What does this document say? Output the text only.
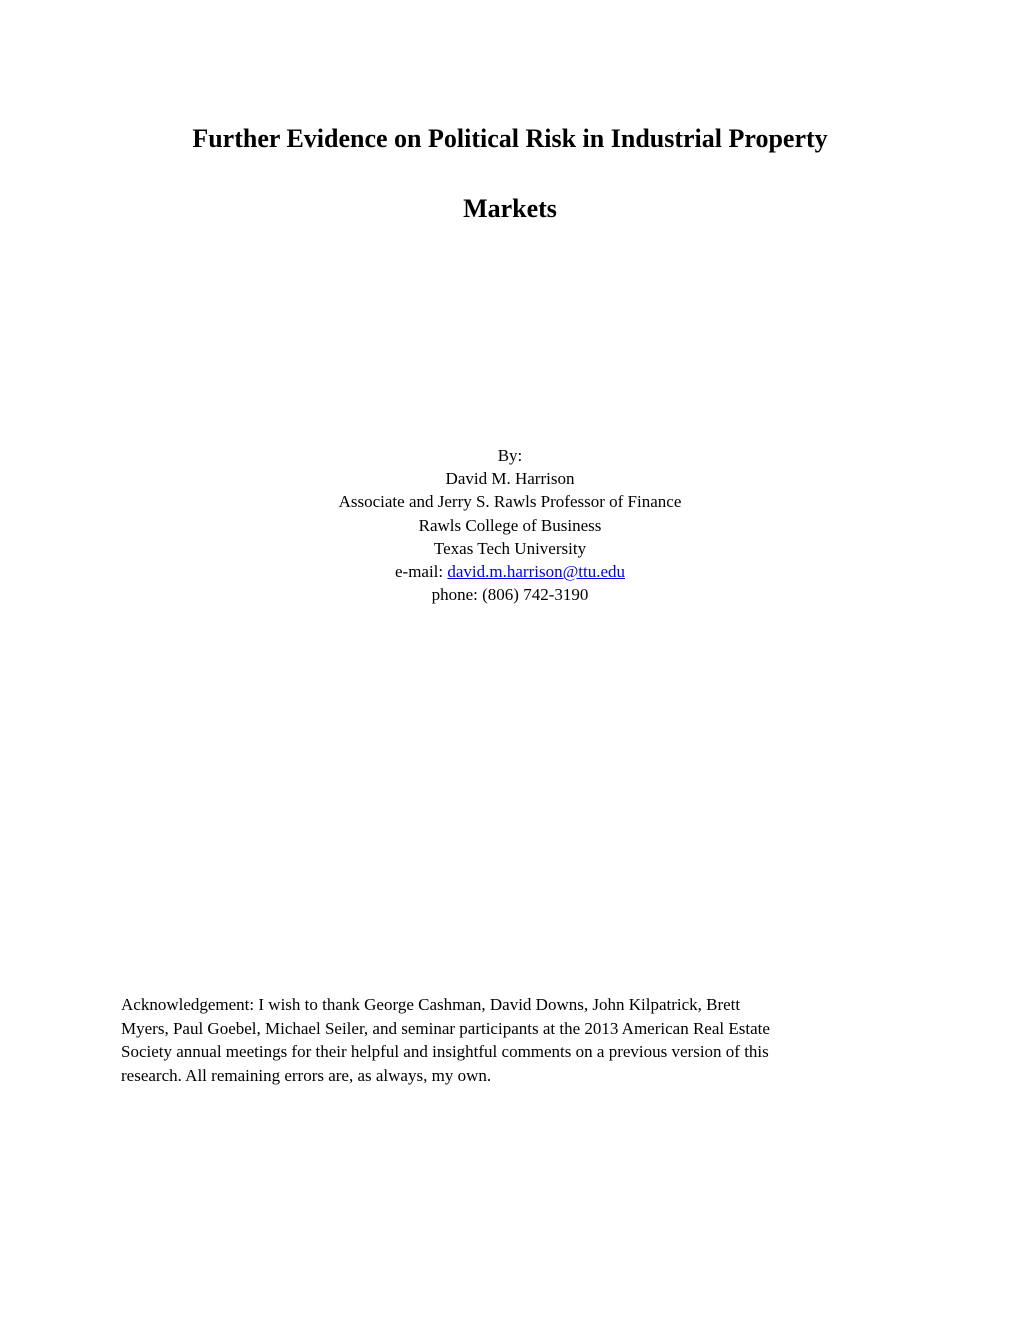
Further Evidence on Political Risk in Industrial Property
Markets
By:
David M. Harrison
Associate and Jerry S. Rawls Professor of Finance
Rawls College of Business
Texas Tech University
e-mail: david.m.harrison@ttu.edu
phone: (806) 742-3190

Acknowledgement: I wish to thank George Cashman, David Downs, John Kilpatrick, Brett
Myers, Paul Goebel, Michael Seiler, and seminar participants at the 2013 American Real Estate
Society annual meetings for their helpful and insightful comments on a previous version of this
research. All remaining errors are, as always, my own.
